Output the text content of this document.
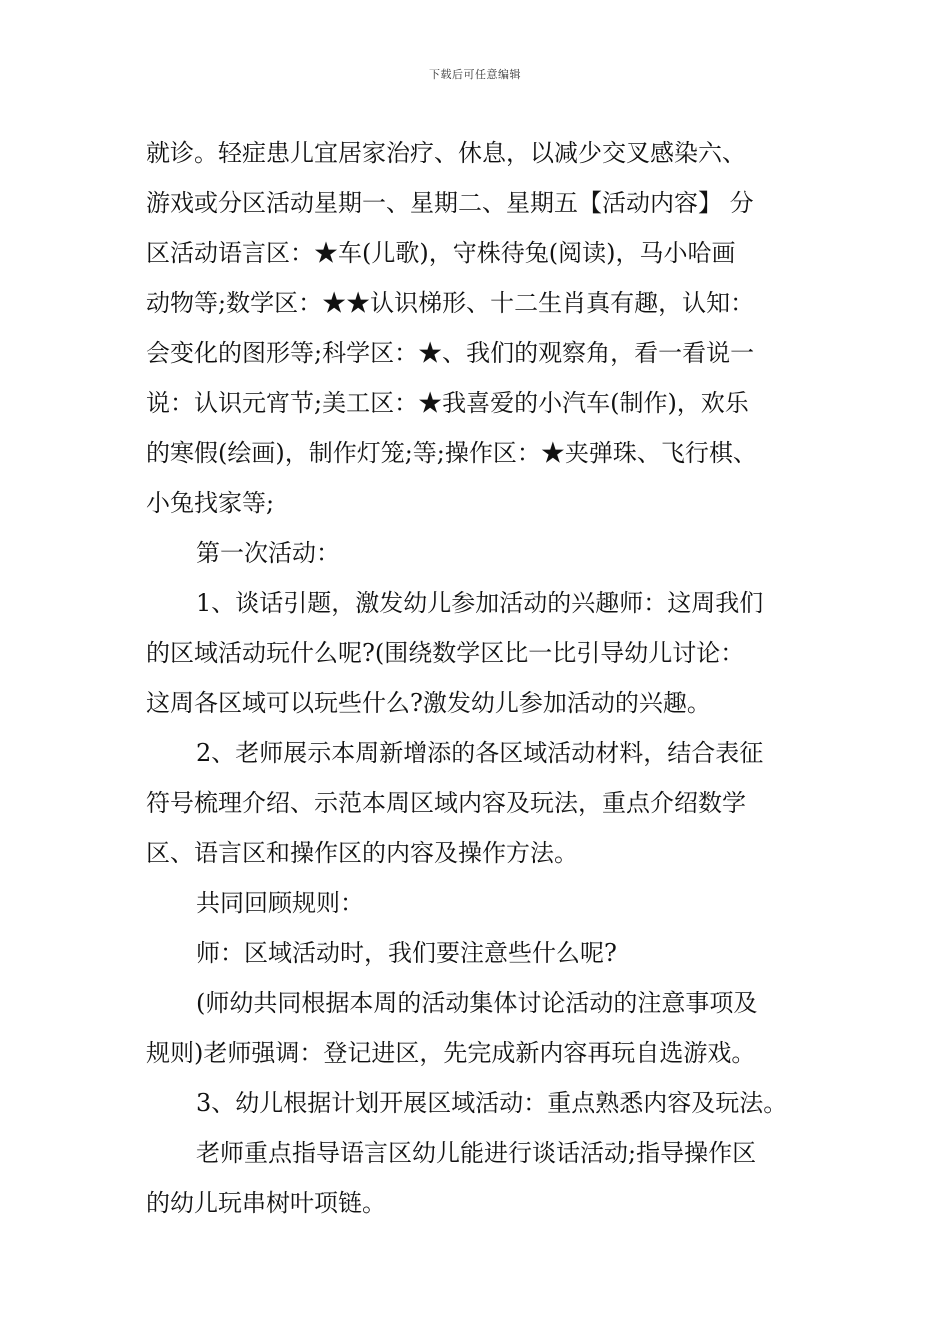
下载后可任意编辑
就诊。轻症患儿宜居家治疗、休息，以减少交叉感染六、
游戏或分区活动星期一、星期二、星期五【活动内容】 分
区活动语言区：★车(儿歌)，守株待兔(阅读)，马小哈画
动物等;数学区：★★认识梯形、十二生肖真有趣，认知：
会变化的图形等;科学区：★、我们的观察角，看一看说一
说：认识元宵节;美工区：★我喜爱的小汽车(制作)，欢乐
的寒假(绘画)，制作灯笼;等;操作区：★夹弹珠、飞行棋、
小兔找家等;
第一次活动：
1、谈话引题，激发幼儿参加活动的兴趣师：这周我们
的区域活动玩什么呢?(围绕数学区比一比引导幼儿讨论：
这周各区域可以玩些什么?激发幼儿参加活动的兴趣。
2、老师展示本周新增添的各区域活动材料，结合表征
符号梳理介绍、示范本周区域内容及玩法，重点介绍数学
区、语言区和操作区的内容及操作方法。
共同回顾规则：
师：区域活动时，我们要注意些什么呢?
(师幼共同根据本周的活动集体讨论活动的注意事项及
规则)老师强调：登记进区，先完成新内容再玩自选游戏。
3、幼儿根据计划开展区域活动：重点熟悉内容及玩法。
老师重点指导语言区幼儿能进行谈话活动;指导操作区
的幼儿玩串树叶项链。
